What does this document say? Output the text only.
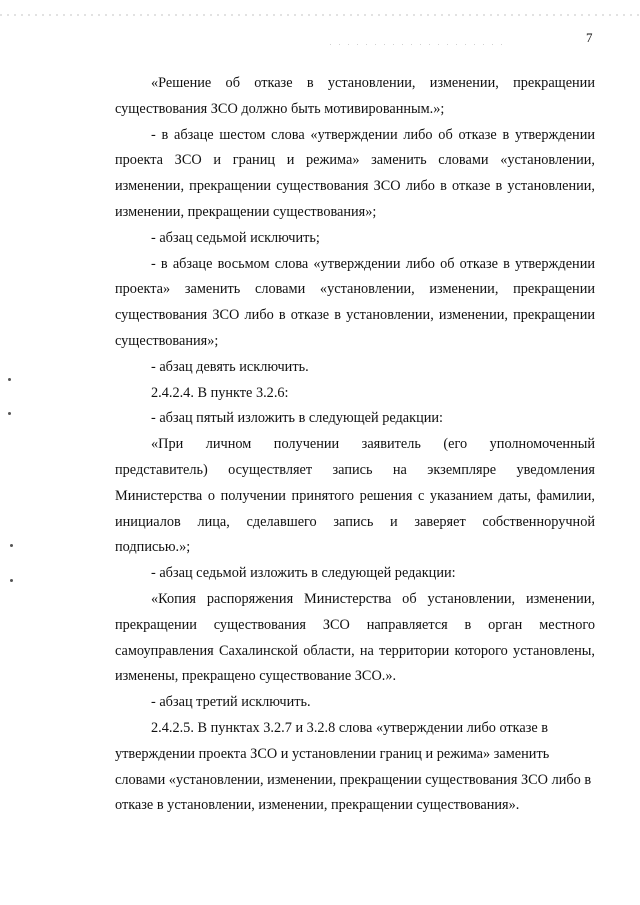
7

«Решение об отказе в установлении, изменении, прекращении существования ЗСО должно быть мотивированным.»;

- в абзаце шестом слова «утверждении либо об отказе в утверждении проекта ЗСО и границ и режима» заменить словами «установлении, изменении, прекращении существования ЗСО либо в отказе в установлении, изменении, прекращении существования»;

- абзац седьмой исключить;

- в абзаце восьмом слова «утверждении либо об отказе в утверждении проекта» заменить словами «установлении, изменении, прекращении существования ЗСО либо в отказе в установлении, изменении, прекращении существования»;

- абзац девять исключить.

2.4.2.4. В пункте 3.2.6:

- абзац пятый изложить в следующей редакции:

«При личном получении заявитель (его уполномоченный представитель) осуществляет запись на экземпляре уведомления Министерства о получении принятого решения с указанием даты, фамилии, инициалов лица, сделавшего запись и заверяет собственноручной подписью.»;

- абзац седьмой изложить в следующей редакции:

«Копия распоряжения Министерства об установлении, изменении, прекращении существования ЗСО направляется в орган местного самоуправления Сахалинской области, на территории которого установлены, изменены, прекращено существование ЗСО.».

- абзац третий исключить.

2.4.2.5. В пунктах 3.2.7 и 3.2.8 слова «утверждении либо отказе в утверждении проекта ЗСО и установлении границ и режима» заменить словами «установлении, изменении, прекращении существования ЗСО либо в отказе в установлении, изменении, прекращении существования».
